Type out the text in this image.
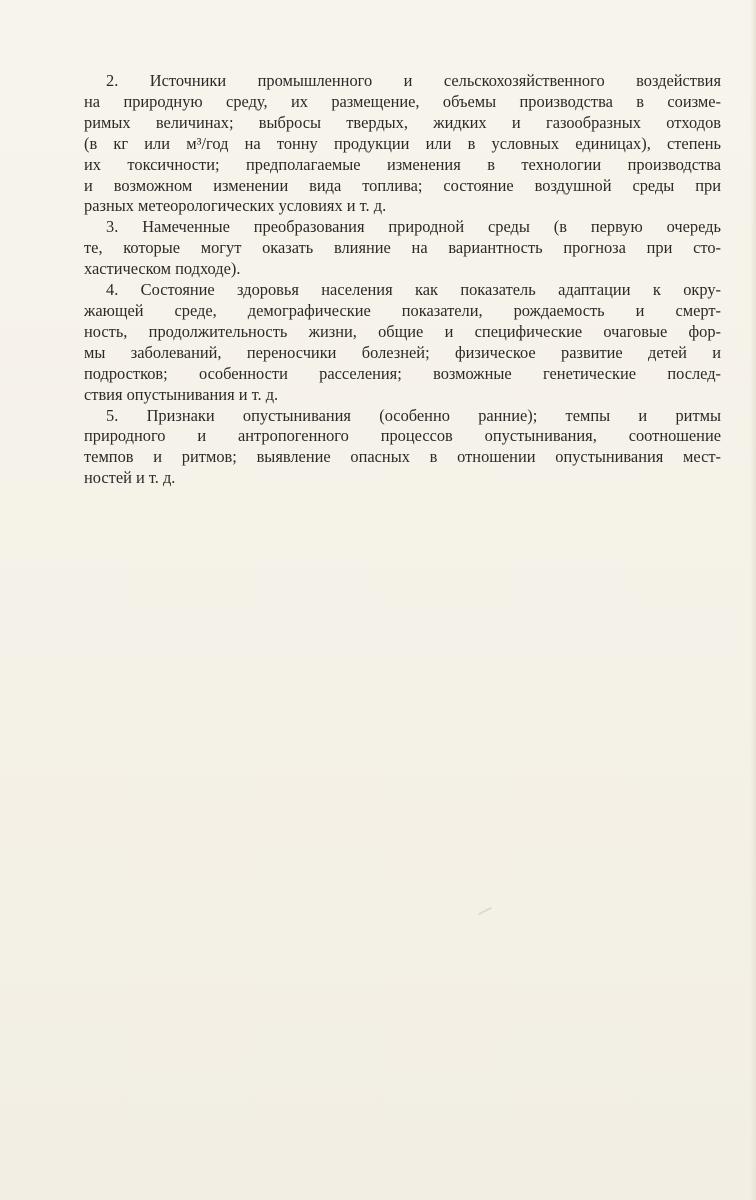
2. Источники промышленного и сельскохозяйственного воздействия
на природную среду, их размещение, объемы производства в соизме-
римых величинах; выбросы твердых, жидких и газообразных отходов
(в кг или м³/год на тонну продукции или в условных единицах), степень
их токсичности; предполагаемые изменения в технологии производства
и возможном изменении вида топлива; состояние воздушной среды при
разных метеорологических условиях и т. д.

3. Намеченные преобразования природной среды (в первую очередь
те, которые могут оказать влияние на вариантность прогноза при сто-
хастическом подходе).

4. Состояние здоровья населения как показатель адаптации к окру-
жающей среде, демографические показатели, рождаемость и смерт-
ность, продолжительность жизни, общие и специфические очаговые фор-
мы заболеваний, переносчики болезней; физическое развитие детей и
подростков; особенности расселения; возможные генетические послед-
ствия опустынивания и т. д.

5. Признаки опустынивания (особенно ранние); темпы и ритмы
природного и антропогенного процессов опустынивания, соотношение
темпов и ритмов; выявление опасных в отношении опустынивания мест-
ностей и т. д.
